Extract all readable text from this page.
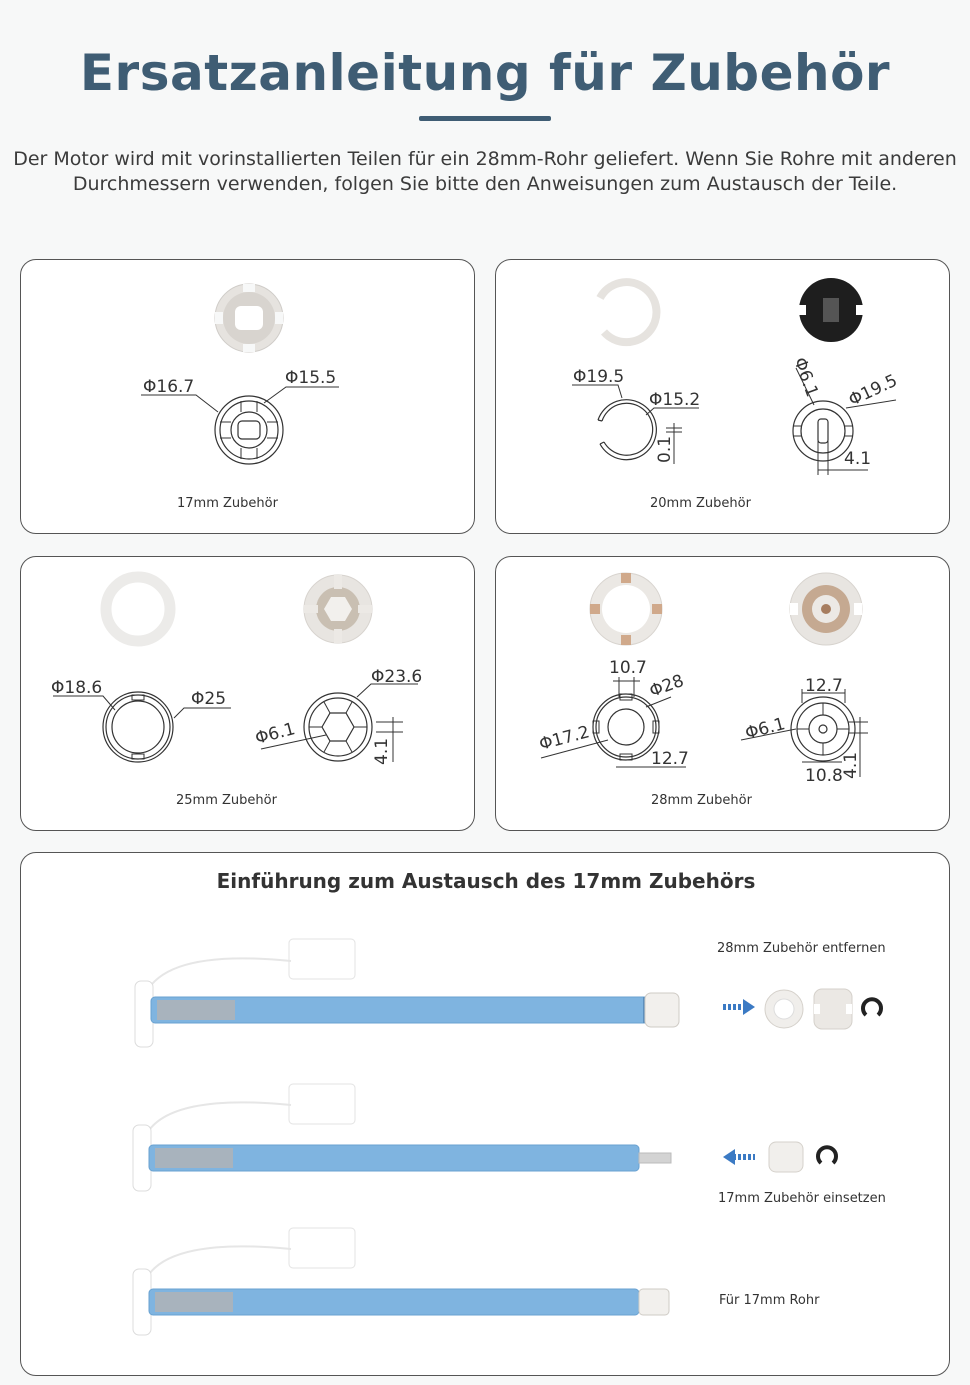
Ersatzanleitung für Zubehör
Der Motor wird mit vorinstallierten Teilen für ein 28mm-Rohr geliefert. Wenn Sie Rohre mit anderen
Durchmessern verwenden, folgen Sie bitte den Anweisungen zum Austausch der Teile.
Φ16.7	Φ15.5
17mm Zubehör
Φ19.5
Φ15.2
0.1	4.1
Φ6.1 Φ19.5
20mm Zubehör
Φ18.6
Φ25
Φ23.6
Φ6.1
4.1
25mm Zubehör
10.7
Φ28
Φ17.2
12.7
12.7
Φ6.1
10.8
4.1
28mm Zubehör
Einführung zum Austausch des 17mm Zubehörs
28mm Zubehör entfernen
17mm Zubehör einsetzen
Für 17mm Rohr
